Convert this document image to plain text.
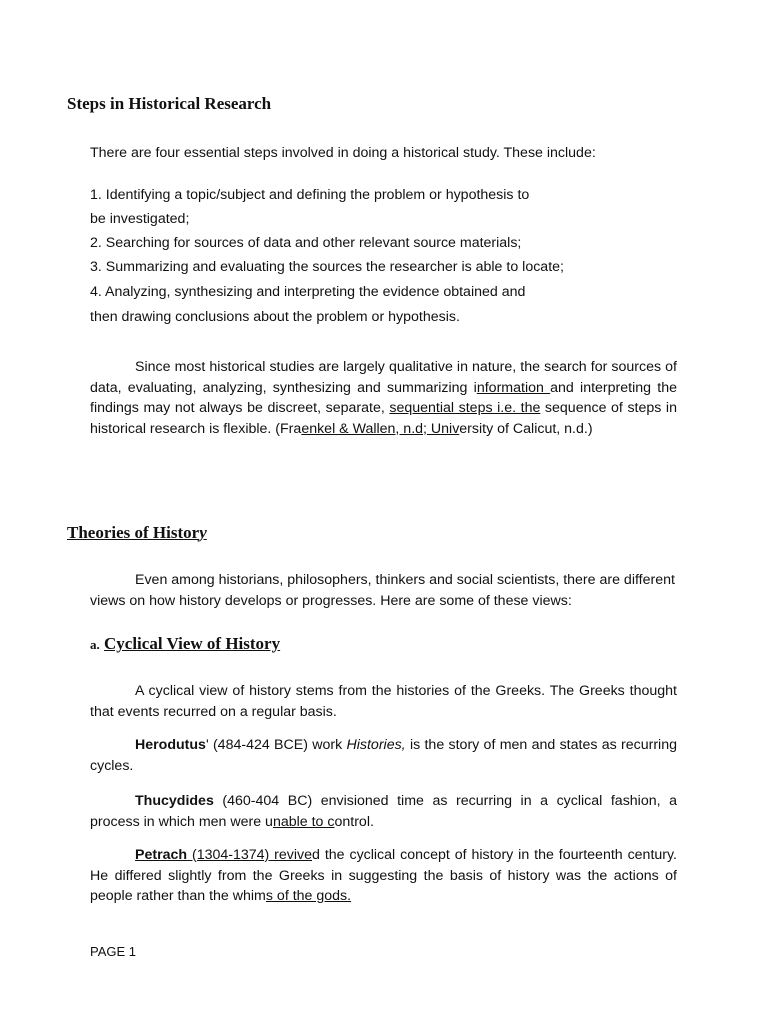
Steps in Historical Research
There are four essential steps involved in doing a historical study. These include:
1. Identifying a topic/subject and defining the problem or hypothesis to
be investigated;
2. Searching for sources of data and other relevant source materials;
3. Summarizing and evaluating the sources the researcher is able to locate;
4. Analyzing, synthesizing and interpreting the evidence obtained and
then drawing conclusions about the problem or hypothesis.
Since most historical studies are largely qualitative in nature, the search for sources of data, evaluating, analyzing, synthesizing and summarizing information and interpreting the findings may not always be discreet, separate, sequential steps i.e. the sequence of steps in historical research is flexible. (Fraenkel & Wallen, n.d; University of Calicut, n.d.)
Theories of History
Even among historians, philosophers, thinkers and social scientists, there are different views on how history develops or progresses. Here are some of these views:
a. Cyclical View of History
A cyclical view of history stems from the histories of the Greeks. The Greeks thought that events recurred on a regular basis.
Herodutus' (484-424 BCE) work Histories, is the story of men and states as recurring cycles.
Thucydides (460-404 BC) envisioned time as recurring in a cyclical fashion, a process in which men were unable to control.
Petrach (1304-1374) revived the cyclical concept of history in the fourteenth century. He differed slightly from the Greeks in suggesting the basis of history was the actions of people rather than the whims of the gods.
PAGE 1
